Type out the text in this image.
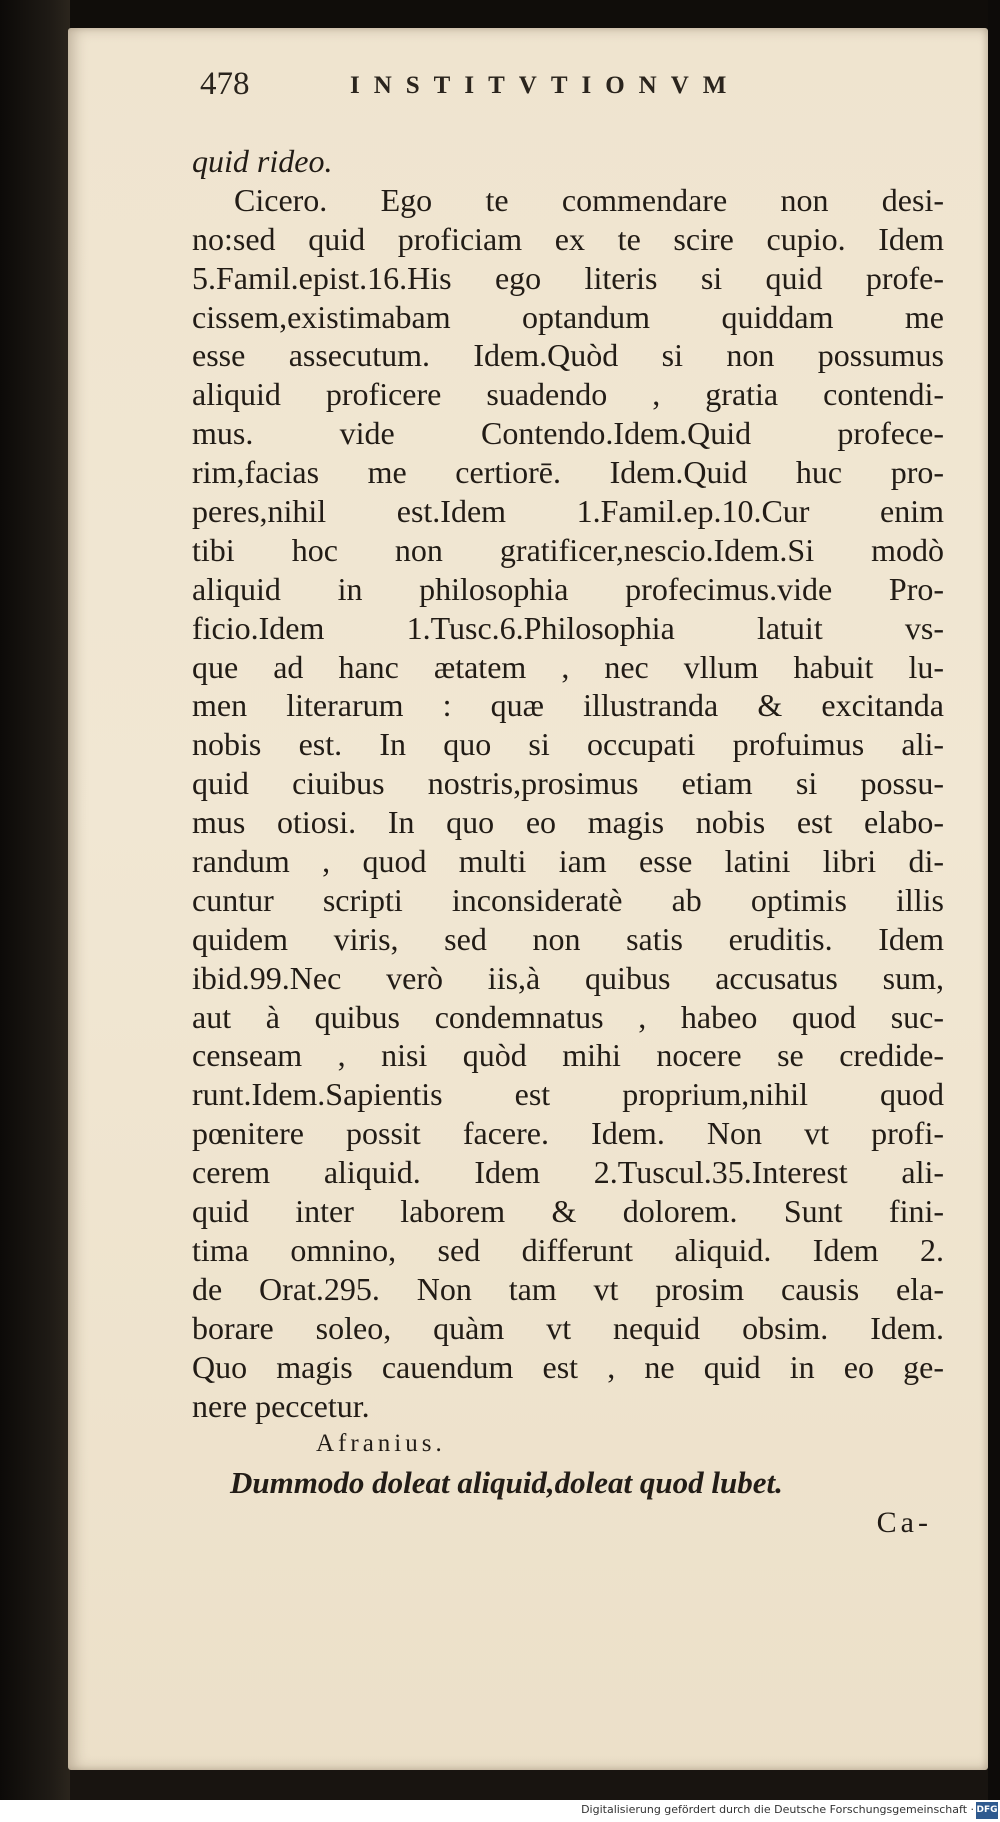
478	INSTITVTIONVM
quid rideo.
Cicero. Ego te commendare non desi-
no:sed quid proficiam ex te scire cupio. Idem
5.Famil.epist.16.His ego literis si quid profe-
cissem,existimabam optandum quiddam me
esse assecutum. Idem.Quòd si non possumus
aliquid proficere suadendo , gratia contendi-
mus. vide Contendo.Idem.Quid profece-
rim,facias me certiorē. Idem.Quid huc pro-
peres,nihil est.Idem 1.Famil.ep.10.Cur enim
tibi hoc non gratificer,nescio.Idem.Si modò
aliquid in philosophia profecimus.vide Pro-
ficio.Idem 1.Tusc.6.Philosophia latuit vs-
que ad hanc ætatem , nec vllum habuit lu-
men literarum : quæ illustranda & excitanda
nobis est. In quo si occupati profuimus ali-
quid ciuibus nostris,prosimus etiam si possu-
mus otiosi. In quo eo magis nobis est elabo-
randum , quod multi iam esse latini libri di-
cuntur scripti inconsideratè ab optimis illis
quidem viris, sed non satis eruditis. Idem
ibid.99.Nec verò iis,à quibus accusatus sum,
aut à quibus condemnatus , habeo quod suc-
censeam , nisi quòd mihi nocere se credide-
runt.Idem.Sapientis est proprium,nihil quod
pœnitere possit facere. Idem. Non vt profi-
cerem aliquid. Idem 2.Tuscul.35.Interest ali-
quid inter laborem & dolorem. Sunt fini-
tima omnino, sed differunt aliquid. Idem 2.
de Orat.295. Non tam vt prosim causis ela-
borare soleo, quàm vt nequid obsim. Idem.
Quo magis cauendum est , ne quid in eo ge-
nere peccetur.
Afranius.
Dummodo doleat aliquid,doleat quod lubet.
Ca-
Digitalisierung gefördert durch die Deutsche Forschungsgemeinschaft · DFG
